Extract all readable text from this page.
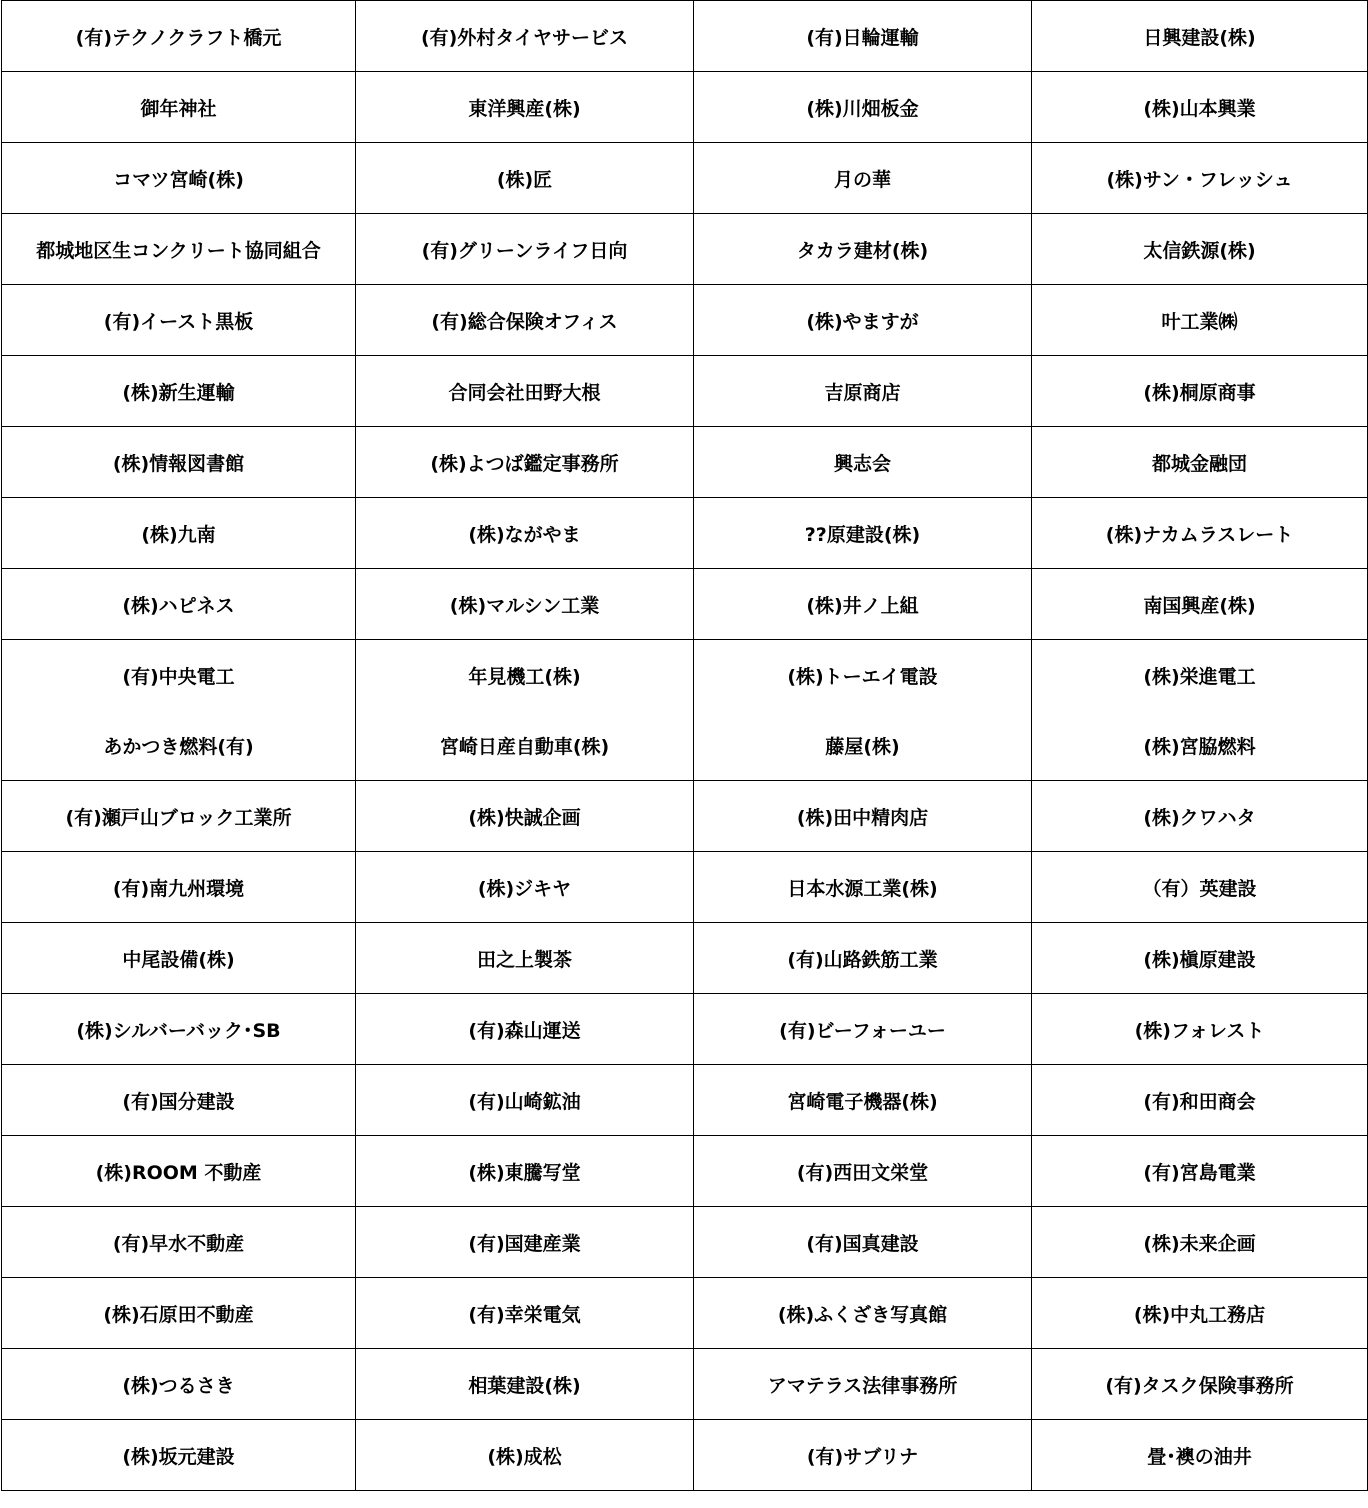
(有)テクノクラフト橋元	(有)外村タイヤサービス	(有)日輪運輸	日興建設(株)
御年神社	東洋興産(株)	(株)川畑板金	(株)山本興業
コマツ宮崎(株)	(株)匠	月の華	(株)サン・フレッシュ
都城地区生コンクリート協同組合	(有)グリーンライフ日向	タカラ建材(株)	太信鉄源(株)
(有)イースト黒板	(有)総合保険オフィス	(株)やますが	叶工業㈱
(株)新生運輸	合同会社田野大根	吉原商店	(株)桐原商事
(株)情報図書館	(株)よつば鑑定事務所	興志会	都城金融団
(株)九南	(株)ながやま	??原建設(株)	(株)ナカムラスレート
(株)ハピネス	(株)マルシン工業	(株)井ノ上組	南国興産(株)
(有)中央電工	年見機工(株)	(株)トーエイ電設	(株)栄進電工
あかつき燃料(有)	宮崎日産自動車(株)	藤屋(株)	(株)宮脇燃料
(有)瀬戸山ブロック工業所	(株)快誠企画	(株)田中精肉店	(株)クワハタ
(有)南九州環境	(株)ジキヤ	日本水源工業(株)	（有）英建設
中尾設備(株)	田之上製茶	(有)山路鉄筋工業	(株)槇原建設
(株)シルバーバック･SB	(有)森山運送	(有)ビーフォーユー	(株)フォレスト
(有)国分建設	(有)山崎鉱油	宮崎電子機器(株)	(有)和田商会
(株)ROOM 不動産	(株)東騰写堂	(有)西田文栄堂	(有)宮島電業
(有)早水不動産	(有)国建産業	(有)国真建設	(株)未来企画
(株)石原田不動産	(有)幸栄電気	(株)ふくざき写真館	(株)中丸工務店
(株)つるさき	相葉建設(株)	アマテラス法律事務所	(有)タスク保険事務所
(株)坂元建設	(株)成松	(有)サブリナ	畳･襖の油井
